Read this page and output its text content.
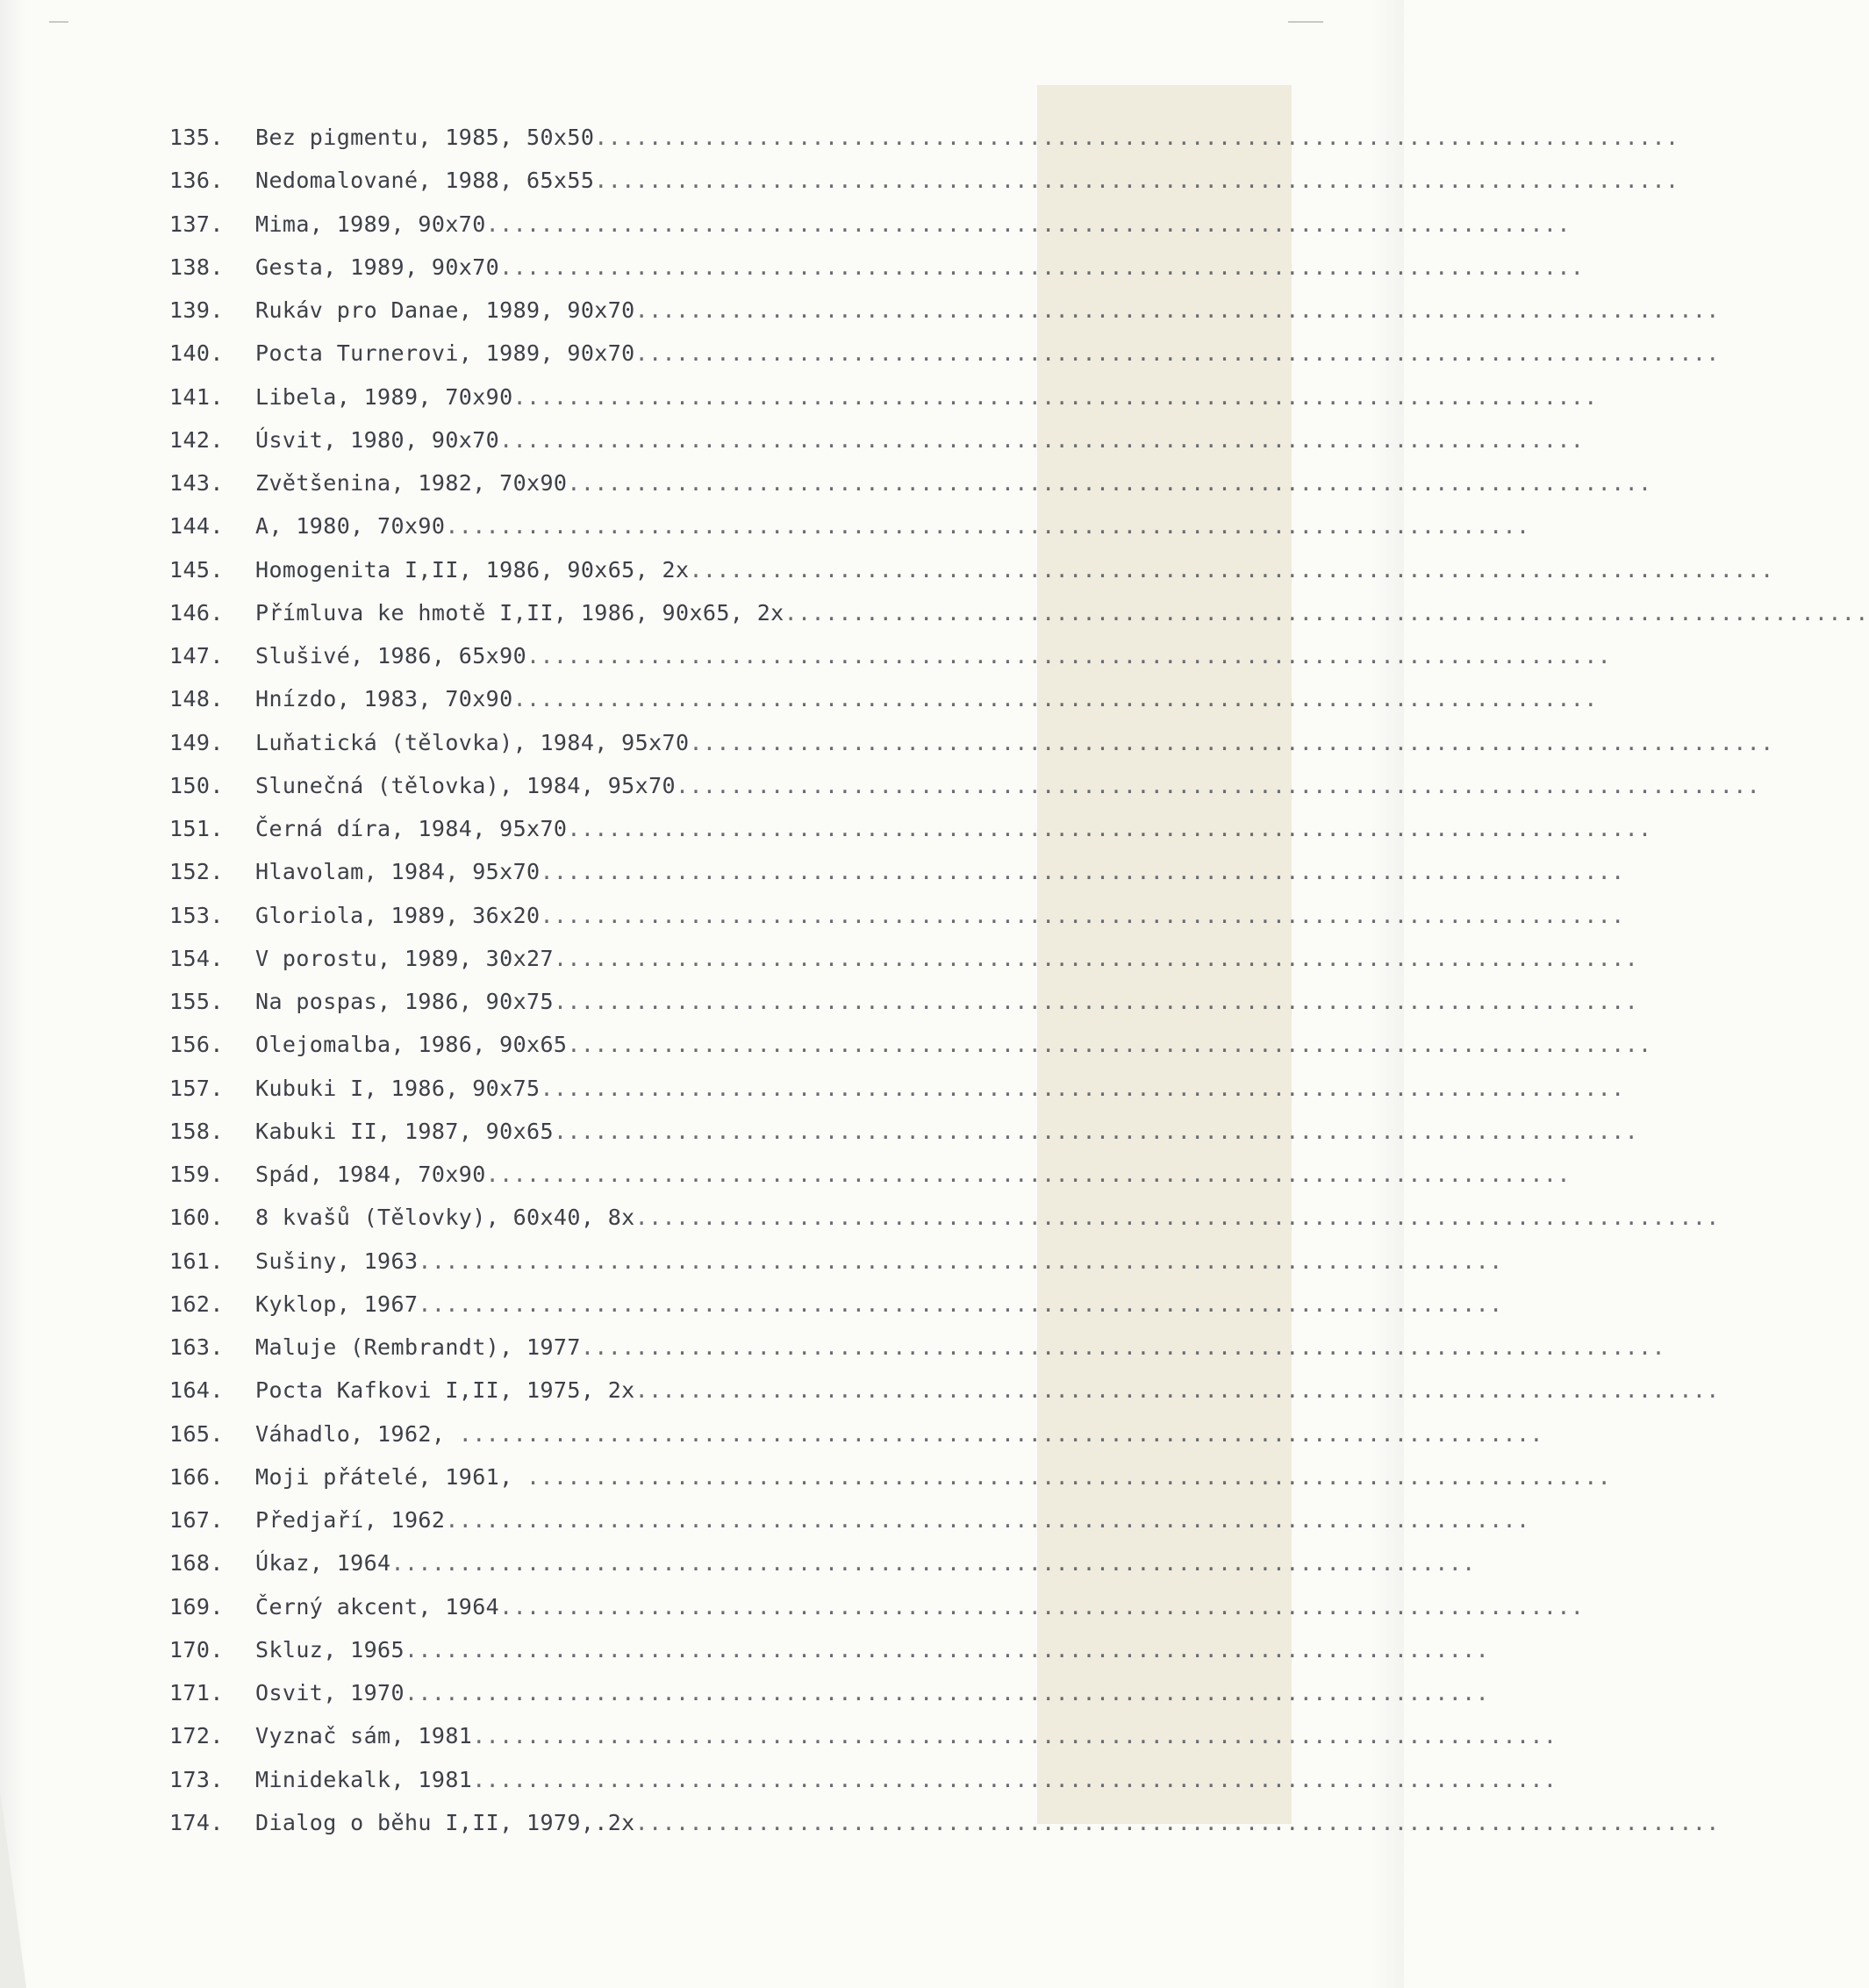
135. Bez pigmentu, 1985, 50x50................................................................................
136. Nedomalované, 1988, 65x55................................................................................
137. Mima, 1989, 90x70................................................................................
138. Gesta, 1989, 90x70................................................................................
139. Rukáv pro Danae, 1989, 90x70................................................................................
140. Pocta Turnerovi, 1989, 90x70................................................................................
141. Libela, 1989, 70x90................................................................................
142. Úsvit, 1980, 90x70................................................................................
143. Zvětšenina, 1982, 70x90................................................................................
144. A, 1980, 70x90................................................................................
145. Homogenita I,II, 1986, 90x65, 2x................................................................................
146. Přímluva ke hmotě I,II, 1986, 90x65, 2x................................................................................
147. Slušivé, 1986, 65x90................................................................................
148. Hnízdo, 1983, 70x90................................................................................
149. Luňatická (tělovka), 1984, 95x70................................................................................
150. Slunečná (tělovka), 1984, 95x70................................................................................
151. Černá díra, 1984, 95x70................................................................................
152. Hlavolam, 1984, 95x70................................................................................
153. Gloriola, 1989, 36x20................................................................................
154. V porostu, 1989, 30x27................................................................................
155. Na pospas, 1986, 90x75................................................................................
156. Olejomalba, 1986, 90x65................................................................................
157. Kubuki I, 1986, 90x75................................................................................
158. Kabuki II, 1987, 90x65................................................................................
159. Spád, 1984, 70x90................................................................................
160. 8 kvašů (Tělovky), 60x40, 8x................................................................................
161. Sušiny, 1963................................................................................
162. Kyklop, 1967................................................................................
163. Maluje (Rembrandt), 1977................................................................................
164. Pocta Kafkovi I,II, 1975, 2x................................................................................
165. Váhadlo, 1962, ................................................................................
166. Moji přátelé, 1961, ................................................................................
167. Předjaří, 1962................................................................................
168. Úkaz, 1964................................................................................
169. Černý akcent, 1964................................................................................
170. Skluz, 1965................................................................................
171. Osvit, 1970................................................................................
172. Vyznač sám, 1981................................................................................
173. Minidekalk, 1981................................................................................
174. Dialog o běhu I,II, 1979,.2x................................................................................
